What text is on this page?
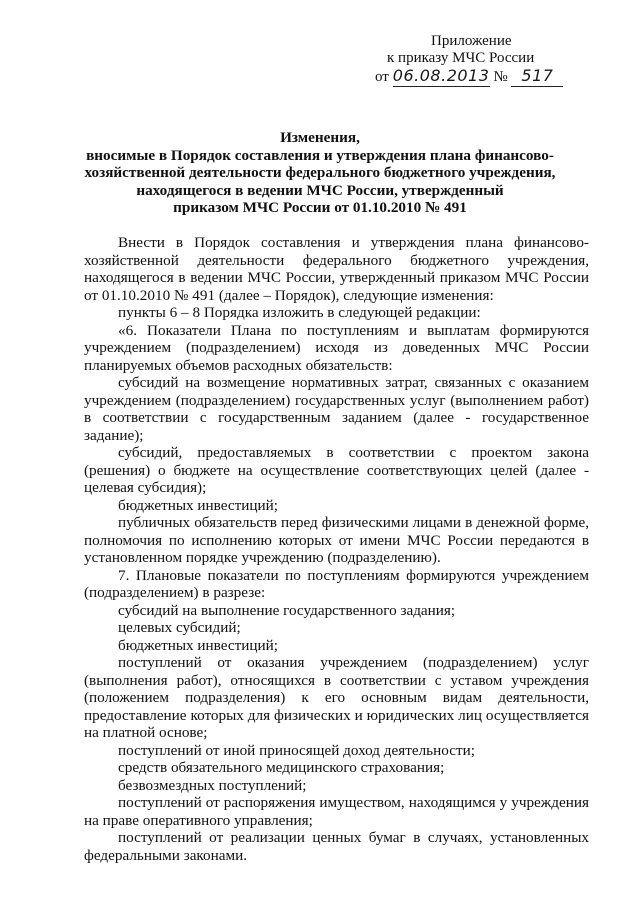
Приложение
к приказу МЧС России
от 06.08.2013 № 517
Изменения,
вносимые в Порядок составления и утверждения плана финансово-
хозяйственной деятельности федерального бюджетного учреждения,
находящегося в ведении МЧС России, утвержденный
приказом МЧС России от 01.10.2010 № 491

Внести в Порядок составления и утверждения плана финансово-хозяйственной деятельности федерального бюджетного учреждения, находящегося в ведении МЧС России, утвержденный приказом МЧС России от 01.10.2010 № 491 (далее – Порядок), следующие изменения:

пункты 6 – 8 Порядка изложить в следующей редакции:

«6. Показатели Плана по поступлениям и выплатам формируются учреждением (подразделением) исходя из доведенных МЧС России планируемых объемов расходных обязательств:

субсидий на возмещение нормативных затрат, связанных с оказанием учреждением (подразделением) государственных услуг (выполнением работ) в соответствии с государственным заданием (далее - государственное задание);

субсидий, предоставляемых в соответствии с проектом закона (решения) о бюджете на осуществление соответствующих целей (далее - целевая субсидия);

бюджетных инвестиций;

публичных обязательств перед физическими лицами в денежной форме, полномочия по исполнению которых от имени МЧС России передаются в установленном порядке учреждению (подразделению).

7. Плановые показатели по поступлениям формируются учреждением (подразделением) в разрезе:

субсидий на выполнение государственного задания;

целевых субсидий;

бюджетных инвестиций;

поступлений от оказания учреждением (подразделением) услуг (выполнения работ), относящихся в соответствии с уставом учреждения (положением подразделения) к его основным видам деятельности, предоставление которых для физических и юридических лиц осуществляется на платной основе;

поступлений от иной приносящей доход деятельности;

средств обязательного медицинского страхования;

безвозмездных поступлений;

поступлений от распоряжения имуществом, находящимся у учреждения на праве оперативного управления;

поступлений от реализации ценных бумаг в случаях, установленных федеральными законами.
